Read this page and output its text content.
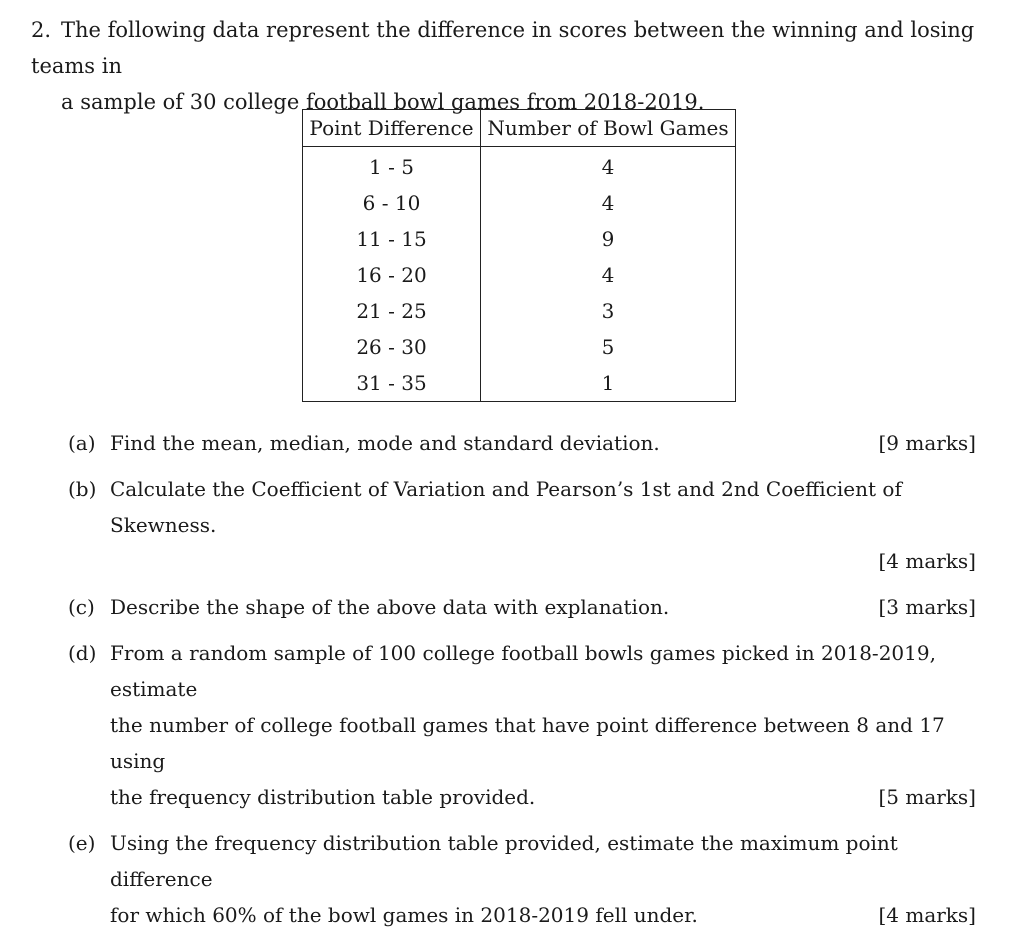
2. The following data represent the difference in scores between the winning and losing teams in
a sample of 30 college football bowl games from 2018-2019.
Point Difference	Number of Bowl Games
1 - 5	4
6 - 10	4
11 - 15	9
16 - 20	4
21 - 25	3
26 - 30	5
31 - 35	1
(a)	[9 marks]
Find the mean, median, mode and standard deviation.
(b) Calculate the Coefficient of Variation and Pearson’s 1st and 2nd Coefficient of Skewness.
[4 marks]
(c)	[3 marks]
Describe the shape of the above data with explanation.
(d) From a random sample of 100 college football bowls games picked in 2018-2019, estimate
the number of college football games that have point difference between 8 and 17 using
[5 marks]
the frequency distribution table provided.
(e) Using the frequency distribution table provided, estimate the maximum point difference
[4 marks]
for which 60% of the bowl games in 2018-2019 fell under.
